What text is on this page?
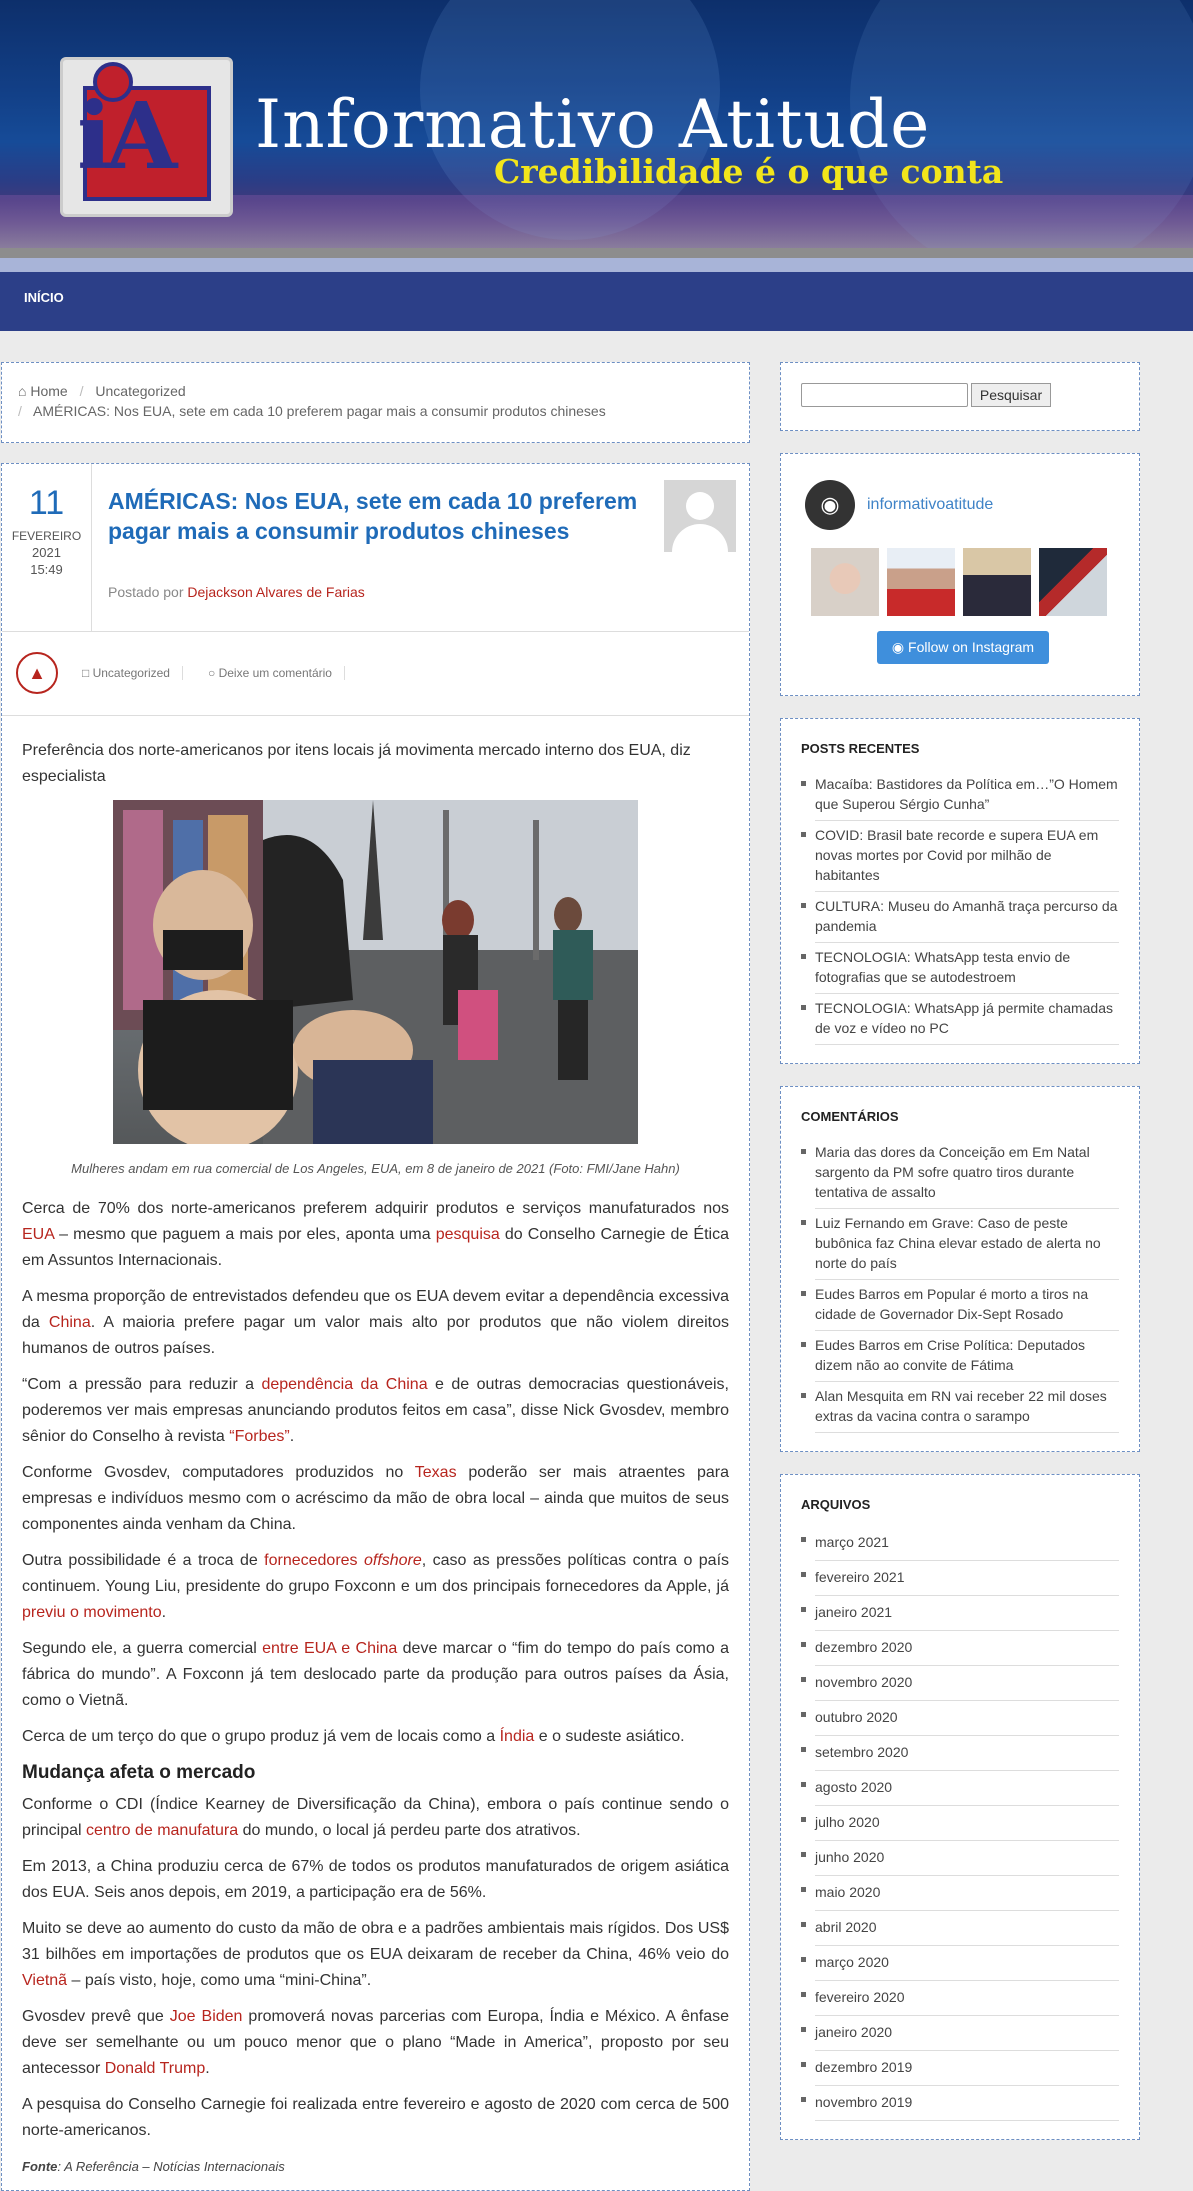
iA Informativo Atitude
Credibilidade é o que conta
INÍCIO
⌂ Home / Uncategorized
/ AMÉRICAS: Nos EUA, sete em cada 10 preferem pagar mais a consumir produtos chineses
11
FEVEREIRO
2021
15:49
AMÉRICAS: Nos EUA, sete em cada 10 preferem pagar mais a consumir produtos chineses
Postado por Dejackson Alvares de Farias
▲	□ Uncategorized	○ Deixe um comentário

Preferência dos norte-americanos por itens locais já movimenta mercado interno dos EUA, diz especialista

Mulheres andam em rua comercial de Los Angeles, EUA, em 8 de janeiro de 2021 (Foto: FMI/Jane Hahn)

Cerca de 70% dos norte-americanos preferem adquirir produtos e serviços manufaturados nos EUA – mesmo que paguem a mais por eles, aponta uma pesquisa do Conselho Carnegie de Ética em Assuntos Internacionais.

A mesma proporção de entrevistados defendeu que os EUA devem evitar a dependência excessiva da China. A maioria prefere pagar um valor mais alto por produtos que não violem direitos humanos de outros países.

“Com a pressão para reduzir a dependência da China e de outras democracias questionáveis, poderemos ver mais empresas anunciando produtos feitos em casa”, disse Nick Gvosdev, membro sênior do Conselho à revista “Forbes”.

Conforme Gvosdev, computadores produzidos no Texas poderão ser mais atraentes para empresas e indivíduos mesmo com o acréscimo da mão de obra local – ainda que muitos de seus componentes ainda venham da China.

Outra possibilidade é a troca de fornecedores offshore, caso as pressões políticas contra o país continuem. Young Liu, presidente do grupo Foxconn e um dos principais fornecedores da Apple, já previu o movimento.

Segundo ele, a guerra comercial entre EUA e China deve marcar o “fim do tempo do país como a fábrica do mundo”. A Foxconn já tem deslocado parte da produção para outros países da Ásia, como o Vietnã.

Cerca de um terço do que o grupo produz já vem de locais como a Índia e o sudeste asiático.

Mudança afeta o mercado

Conforme o CDI (Índice Kearney de Diversificação da China), embora o país continue sendo o principal centro de manufatura do mundo, o local já perdeu parte dos atrativos.

Em 2013, a China produziu cerca de 67% de todos os produtos manufaturados de origem asiática dos EUA. Seis anos depois, em 2019, a participação era de 56%.

Muito se deve ao aumento do custo da mão de obra e a padrões ambientais mais rígidos. Dos US$ 31 bilhões em importações de produtos que os EUA deixaram de receber da China, 46% veio do Vietnã – país visto, hoje, como uma “mini-China”.

Gvosdev prevê que Joe Biden promoverá novas parcerias com Europa, Índia e México. A ênfase deve ser semelhante ou um pouco menor que o plano “Made in America”, proposto por seu antecessor Donald Trump.

A pesquisa do Conselho Carnegie foi realizada entre fevereiro e agosto de 2020 com cerca de 500 norte-americanos.

Fonte: A Referência – Notícias Internacionais
Pesquisar
◉	informativoatitude
◉ Follow on Instagram
POSTS RECENTES
Macaíba: Bastidores da Política em…”O Homem que Superou Sérgio Cunha”
COVID: Brasil bate recorde e supera EUA em novas mortes por Covid por milhão de habitantes
CULTURA: Museu do Amanhã traça percurso da pandemia
TECNOLOGIA: WhatsApp testa envio de fotografias que se autodestroem
TECNOLOGIA: WhatsApp já permite chamadas de voz e vídeo no PC
COMENTÁRIOS
Maria das dores da Conceição em Em Natal sargento da PM sofre quatro tiros durante tentativa de assalto
Luiz Fernando em Grave: Caso de peste bubônica faz China elevar estado de alerta no norte do país
Eudes Barros em Popular é morto a tiros na cidade de Governador Dix-Sept Rosado
Eudes Barros em Crise Política: Deputados dizem não ao convite de Fátima
Alan Mesquita em RN vai receber 22 mil doses extras da vacina contra o sarampo
ARQUIVOS
março 2021
fevereiro 2021
janeiro 2021
dezembro 2020
novembro 2020
outubro 2020
setembro 2020
agosto 2020
julho 2020
junho 2020
maio 2020
abril 2020
março 2020
fevereiro 2020
janeiro 2020
dezembro 2019
novembro 2019
